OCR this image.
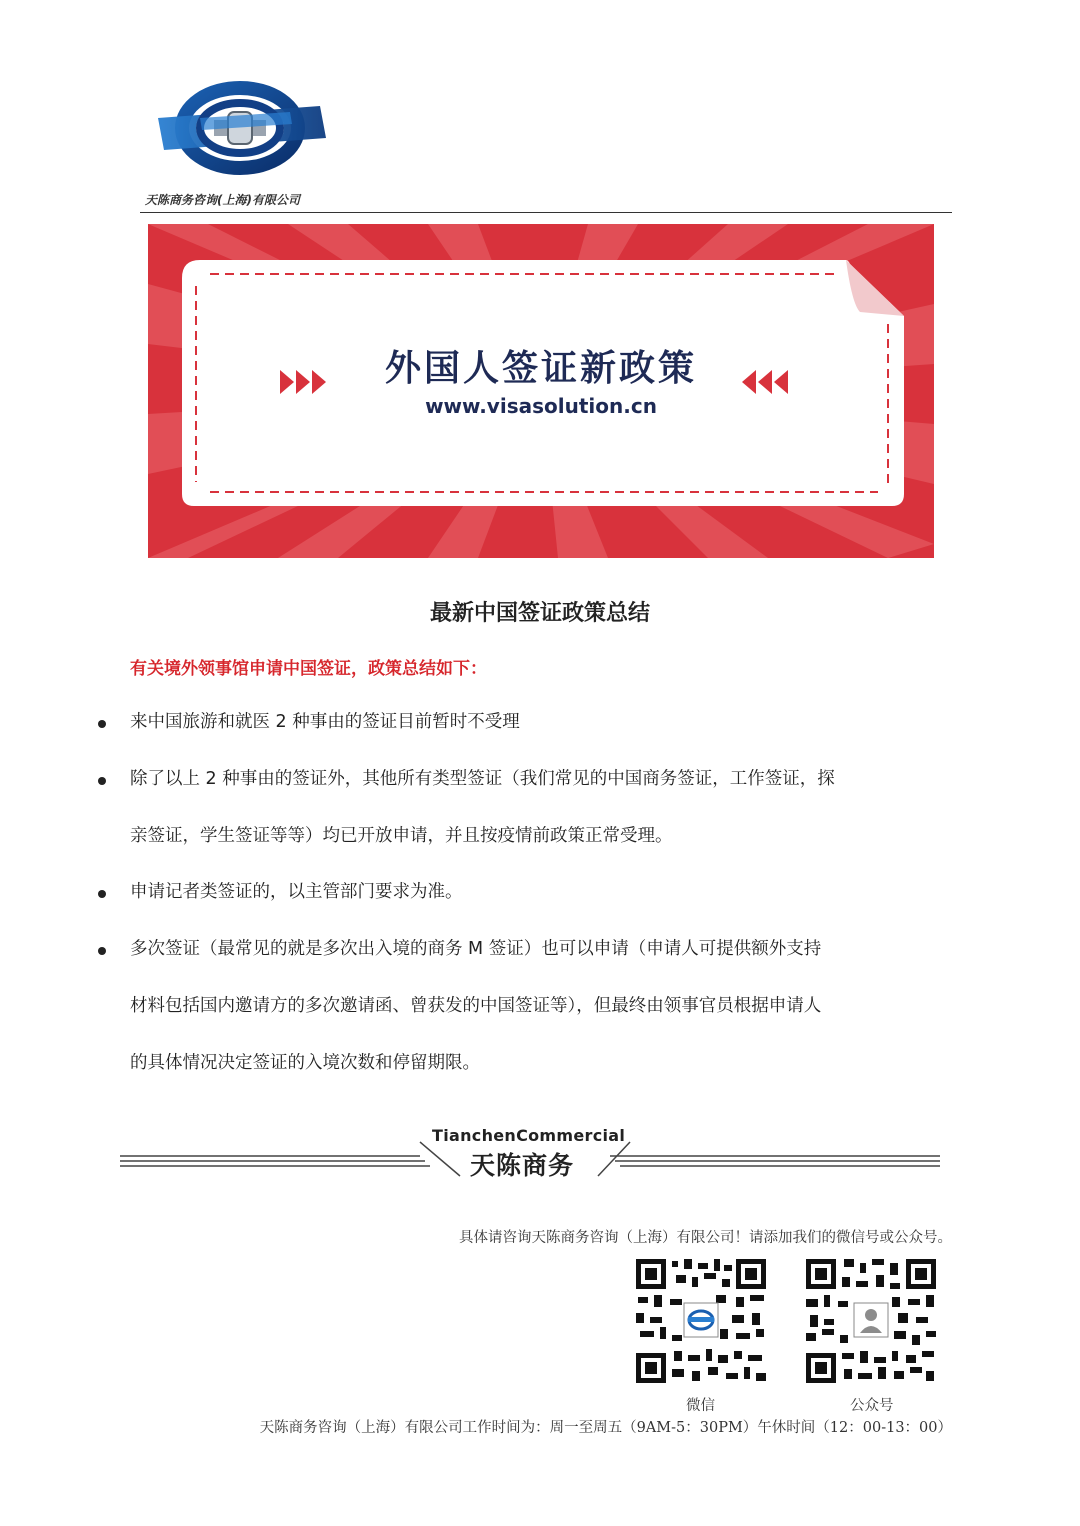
天陈商务咨询(上海)有限公司
外国人签证新政策
www.visasolution.cn
最新中国签证政策总结
有关境外领事馆申请中国签证，政策总结如下：
来中国旅游和就医 2 种事由的签证目前暂时不受理
除了以上 2 种事由的签证外，其他所有类型签证（我们常见的中国商务签证，工作签证，探
亲签证，学生签证等等）均已开放申请，并且按疫情前政策正常受理。
申请记者类签证的，以主管部门要求为准。
多次签证（最常见的就是多次出入境的商务 M 签证）也可以申请（申请人可提供额外支持
材料包括国内邀请方的多次邀请函、曾获发的中国签证等），但最终由领事官员根据申请人
的具体情况决定签证的入境次数和停留期限。
TianchenCommercial
天陈商务
具体请咨询天陈商务咨询（上海）有限公司！请添加我们的微信号或公众号。
微信	公众号
天陈商务咨询（上海）有限公司工作时间为：周一至周五（9AM-5：30PM）午休时间（12：00-13：00）
